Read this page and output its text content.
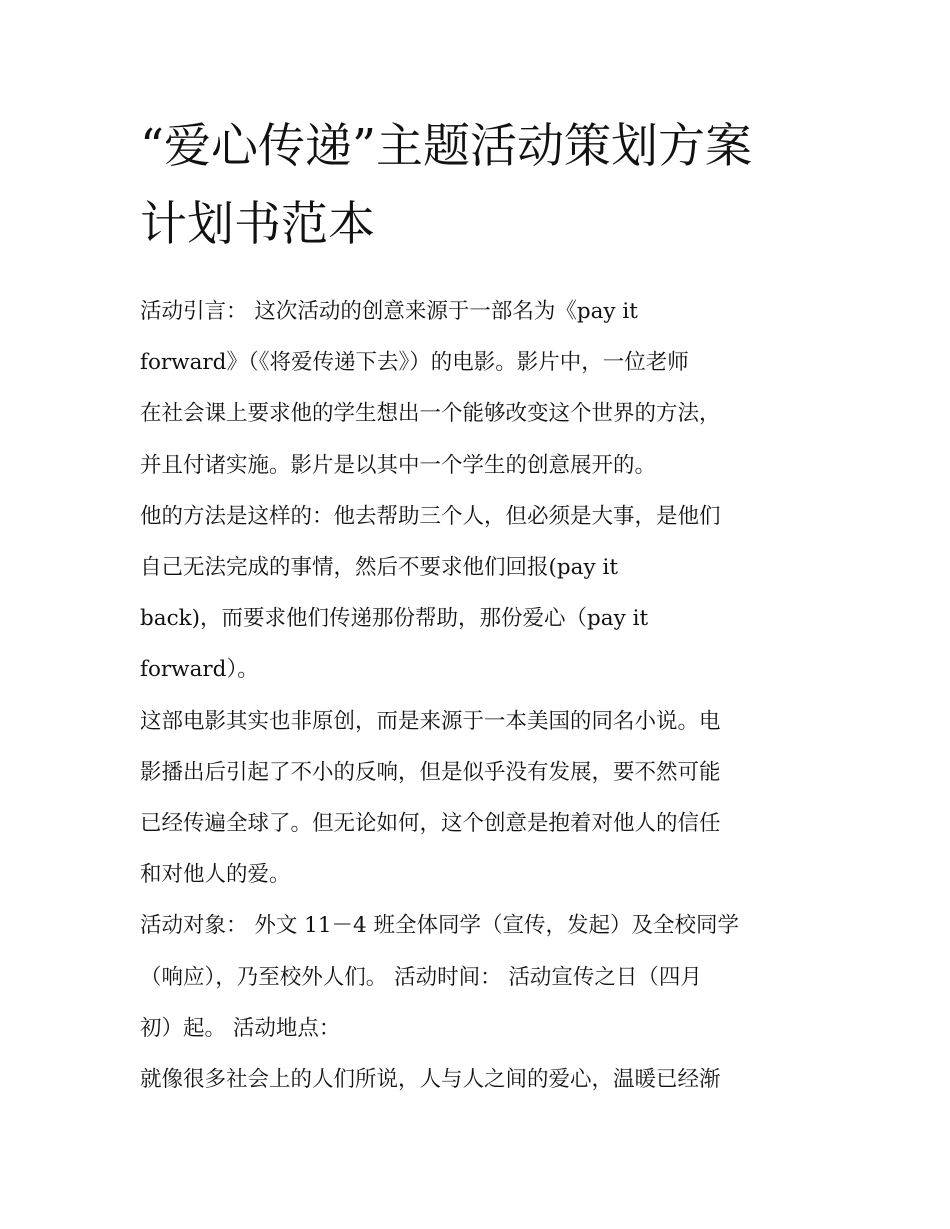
“爱心传递”主题活动策划方案
计划书范本
活动引言： 这次活动的创意来源于一部名为《pay it
forward》（《将爱传递下去》）的电影。影片中，一位老师
在社会课上要求他的学生想出一个能够改变这个世界的方法，
并且付诸实施。影片是以其中一个学生的创意展开的。
他的方法是这样的：他去帮助三个人，但必须是大事，是他们
自己无法完成的事情，然后不要求他们回报(pay it
back)，而要求他们传递那份帮助，那份爱心（pay it
forward）。
这部电影其实也非原创，而是来源于一本美国的同名小说。电
影播出后引起了不小的反响，但是似乎没有发展，要不然可能
已经传遍全球了。但无论如何，这个创意是抱着对他人的信任
和对他人的爱。
活动对象： 外文 11－4 班全体同学（宣传，发起）及全校同学
（响应），乃至校外人们。 活动时间： 活动宣传之日（四月
初）起。 活动地点：
就像很多社会上的人们所说，人与人之间的爱心，温暖已经渐
